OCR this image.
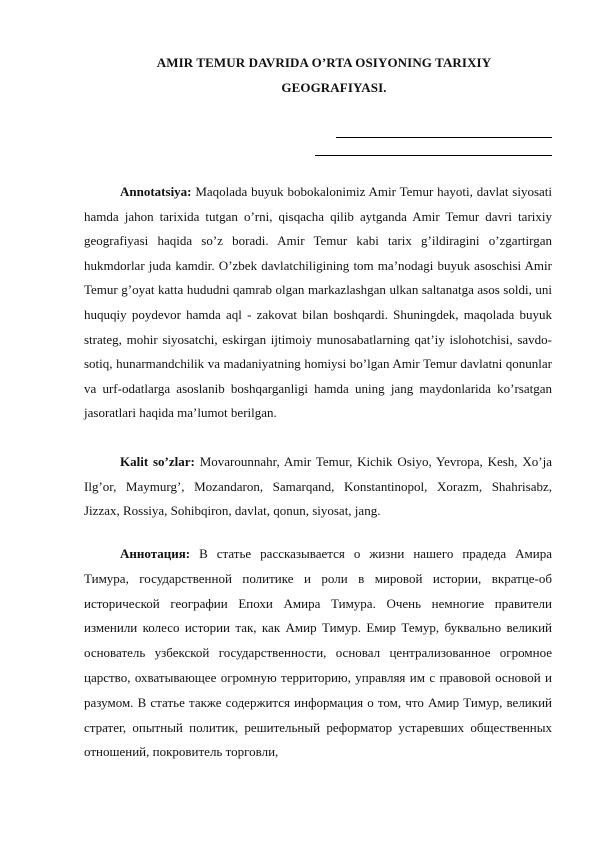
AMIR TEMUR DAVRIDA O’RTA OSIYONING TARIXIY
GEOGRAFIYASI.

Annotatsiya: Maqolada buyuk bobokalonimiz Amir Temur hayoti, davlat siyosati hamda jahon tarixida tutgan o’rni, qisqacha qilib aytganda Amir Temur davri tarixiy geografiyasi haqida so’z boradi. Amir Temur kabi tarix g’ildiragini o’zgartirgan hukmdorlar juda kamdir. O’zbek davlatchiligining tom ma’nodagi buyuk asoschisi Amir Temur g’oyat katta hududni qamrab olgan markazlashgan ulkan saltanatga asos soldi, uni huquqiy poydevor hamda aql - zakovat bilan boshqardi. Shuningdek, maqolada buyuk strateg, mohir siyosatchi, eskirgan ijtimoiy munosabatlarning qat’iy islohotchisi, savdo-sotiq, hunarmandchilik va madaniyatning homiysi bo’lgan Amir Temur davlatni qonunlar va urf-odatlarga asoslanib boshqarganligi hamda uning jang maydonlarida ko’rsatgan jasoratlari haqida ma’lumot berilgan.

Kalit so’zlar: Movarounnahr, Amir Temur, Kichik Osiyo, Yevropa, Kesh, Xo’ja Ilg’or, Maymurg’, Mozandaron, Samarqand, Konstantinopol, Xorazm, Shahrisabz, Jizzax, Rossiya, Sohibqiron, davlat, qonun, siyosat, jang.

Аннотация: В статье рассказывается о жизни нашего прадеда Амира Тимура, государственной политике и роли в мировой истории, вкратце-об исторической географии Епохи Амира Тимура. Очень немногие правители изменили колесо истории так, как Амир Тимур. Емир Темур, буквально великий основатель узбекской государственности, основал централизованное огромное царство, охватывающее огромную территорию, управляя им с правовой основой и разумом. В статье также содержится информация о том, что Амир Тимур, великий стратег, опытный политик, решительный реформатор устаревших общественных отношений, покровитель торговли,
